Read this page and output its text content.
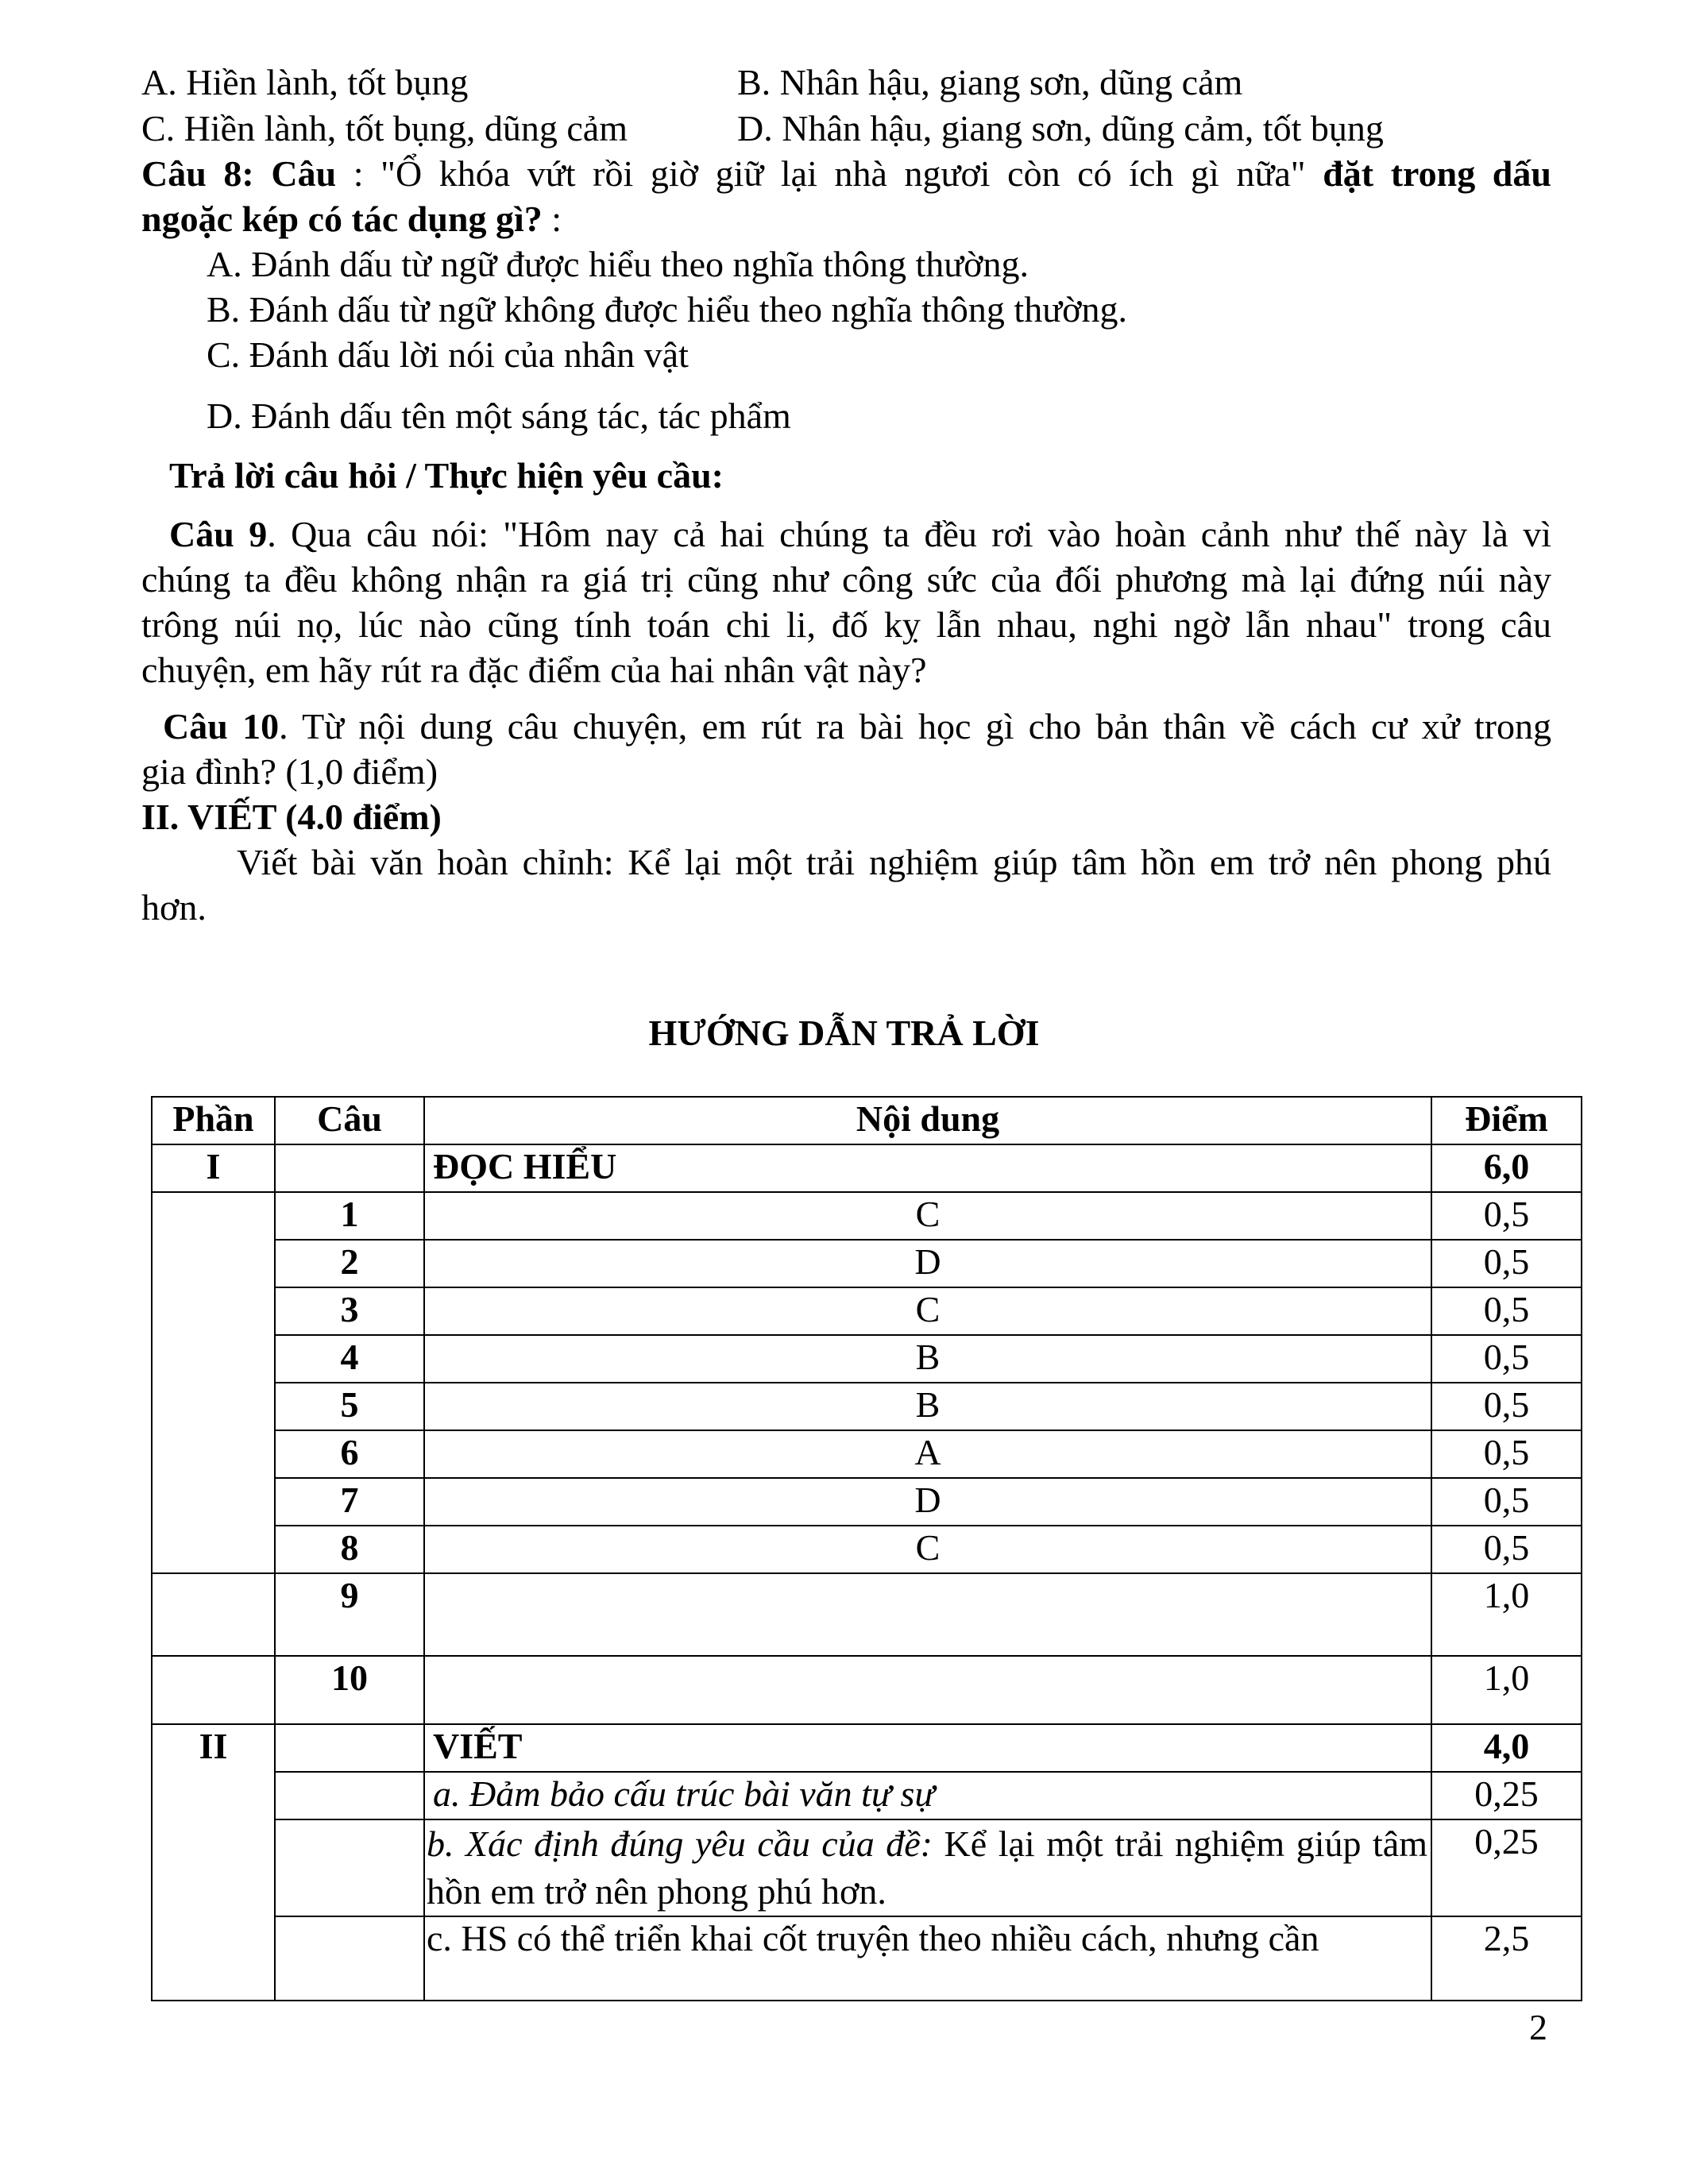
A. Hiền lành, tốt bụng	B. Nhân hậu, giang sơn, dũng cảm
C. Hiền lành, tốt bụng, dũng cảm	D. Nhân hậu, giang sơn, dũng cảm, tốt bụng
Câu 8: Câu : "Ổ khóa vứt rồi giờ giữ lại nhà ngươi còn có ích gì nữa" đặt trong dấu
ngoặc kép có tác dụng gì? :
A. Đánh dấu từ ngữ được hiểu theo nghĩa thông thường.
B. Đánh dấu từ ngữ không được hiểu theo nghĩa thông thường.
C. Đánh dấu lời nói của nhân vật
D. Đánh dấu tên một sáng tác, tác phẩm
Trả lời câu hỏi / Thực hiện yêu cầu:
Câu 9. Qua câu nói: "Hôm nay cả hai chúng ta đều rơi vào hoàn cảnh như thế này là vì
chúng ta đều không nhận ra giá trị cũng như công sức của đối phương mà lại đứng núi này
trông núi nọ, lúc nào cũng tính toán chi li, đố kỵ lẫn nhau, nghi ngờ lẫn nhau" trong câu
chuyện, em hãy rút ra đặc điểm của hai nhân vật này?
Câu 10. Từ nội dung câu chuyện, em rút ra bài học gì cho bản thân về cách cư xử trong
gia đình? (1,0 điểm)
II. VIẾT (4.0 điểm)
Viết bài văn hoàn chỉnh: Kể lại một trải nghiệm giúp tâm hồn em trở nên phong phú
hơn.
HƯỚNG DẪN TRẢ LỜI
Phần	Câu	Nội dung	Điểm
I		ĐỌC HIỂU	6,0
	1	C	0,5
	2	D	0,5
	3	C	0,5
	4	B	0,5
	5	B	0,5
	6	A	0,5
	7	D	0,5
	8	C	0,5
	9		1,0
	10		1,0
II		VIẾT	4,0
		a. Đảm bảo cấu trúc bài văn tự sự	0,25
		b. Xác định đúng yêu cầu của đề: Kể lại một trải nghiệm giúp tâm hồn em trở nên phong phú hơn.	0,25
		c. HS có thể triển khai cốt truyện theo nhiều cách, nhưng cần	2,5
2
